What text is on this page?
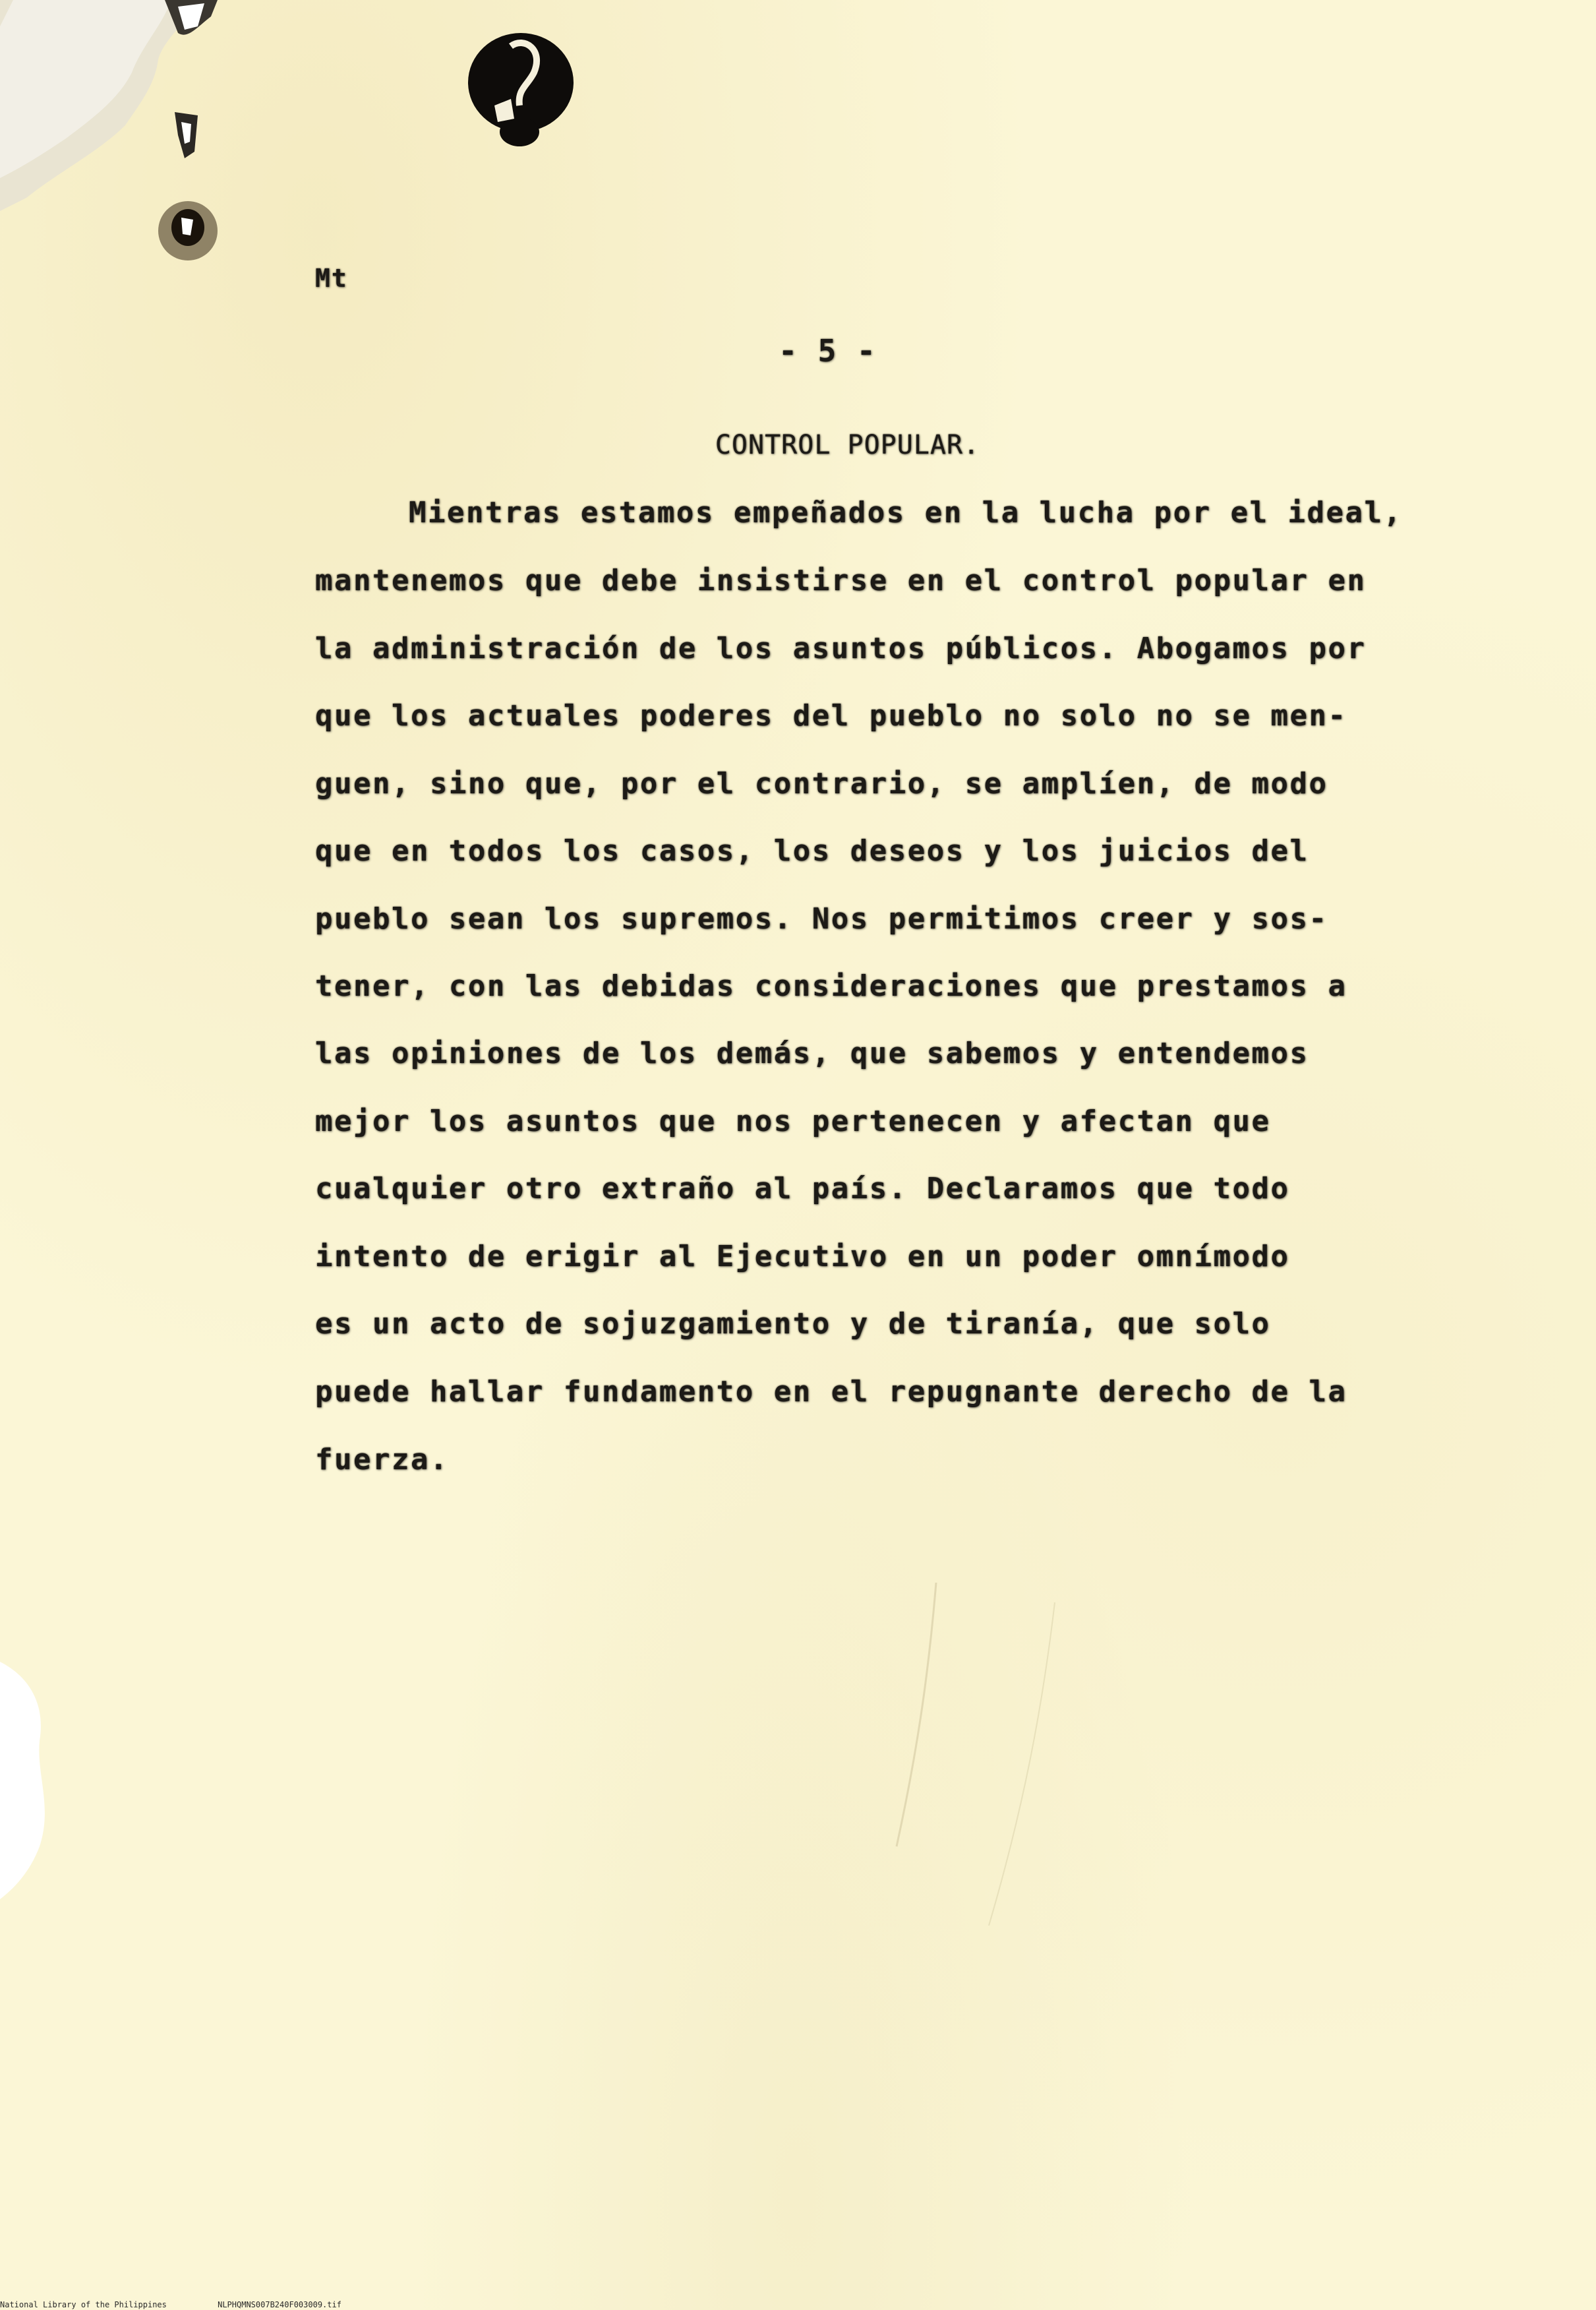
Mt
- 5 -
CONTROL POPULAR.
Mientras estamos empeñados en la lucha por el ideal,
mantenemos que debe insistirse en el control popular en
la administración de los asuntos públicos. Abogamos por
que los actuales poderes del pueblo no solo no se men-
guen, sino que, por el contrario, se amplíen, de modo
que en todos los casos, los deseos y los juicios del
pueblo sean los supremos. Nos permitimos creer y sos-
tener, con las debidas consideraciones que prestamos a
las opiniones de los demás, que sabemos y entendemos
mejor los asuntos que nos pertenecen y afectan que
cualquier otro extraño al país. Declaramos que todo
intento de erigir al Ejecutivo en un poder omnímodo
es un acto de sojuzgamiento y de tiranía, que solo
puede hallar fundamento en el repugnante derecho de la
fuerza.
National Library of the Philippines	NLPHQMNS007B240F003009.tif
